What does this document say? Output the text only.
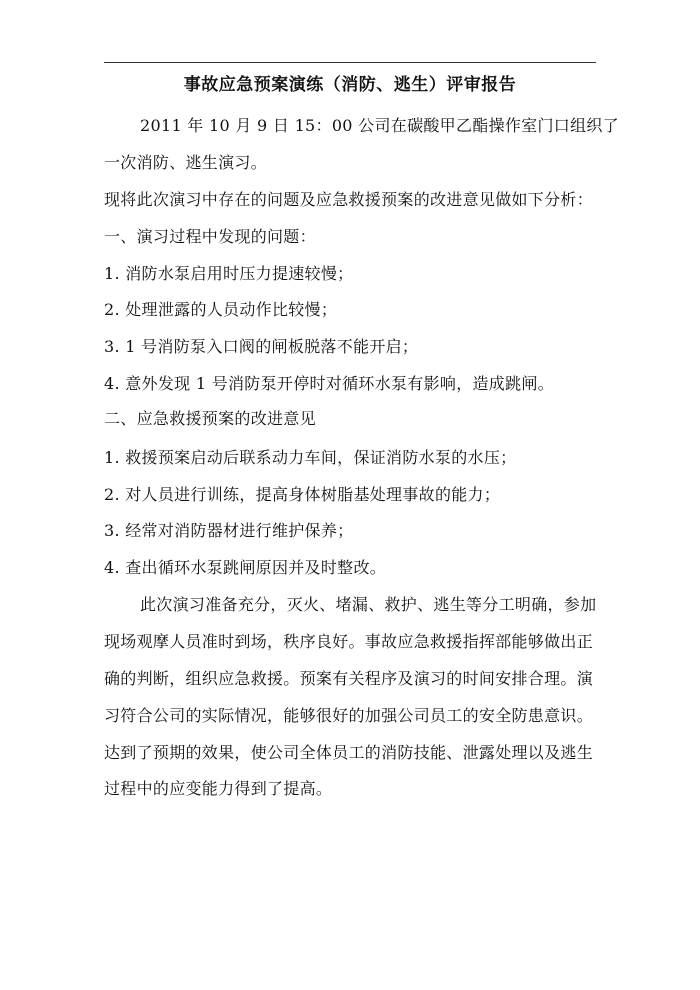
事故应急预案演练（消防、逃生）评审报告
2011 年 10 月 9 日 15：00 公司在碳酸甲乙酯操作室门口组织了
一次消防、逃生演习。
现将此次演习中存在的问题及应急救援预案的改进意见做如下分析：
一、演习过程中发现的问题：
1. 消防水泵启用时压力提速较慢；
2. 处理泄露的人员动作比较慢；
3. 1 号消防泵入口阀的闸板脱落不能开启；
4. 意外发现 1 号消防泵开停时对循环水泵有影响，造成跳闸。
二、应急救援预案的改进意见
1. 救援预案启动后联系动力车间，保证消防水泵的水压；
2. 对人员进行训练，提高身体树脂基处理事故的能力；
3. 经常对消防器材进行维护保养；
4. 查出循环水泵跳闸原因并及时整改。
此次演习准备充分，灭火、堵漏、救护、逃生等分工明确，参加
现场观摩人员准时到场，秩序良好。事故应急救援指挥部能够做出正
确的判断，组织应急救援。预案有关程序及演习的时间安排合理。演
习符合公司的实际情况，能够很好的加强公司员工的安全防患意识。
达到了预期的效果，使公司全体员工的消防技能、泄露处理以及逃生
过程中的应变能力得到了提高。
